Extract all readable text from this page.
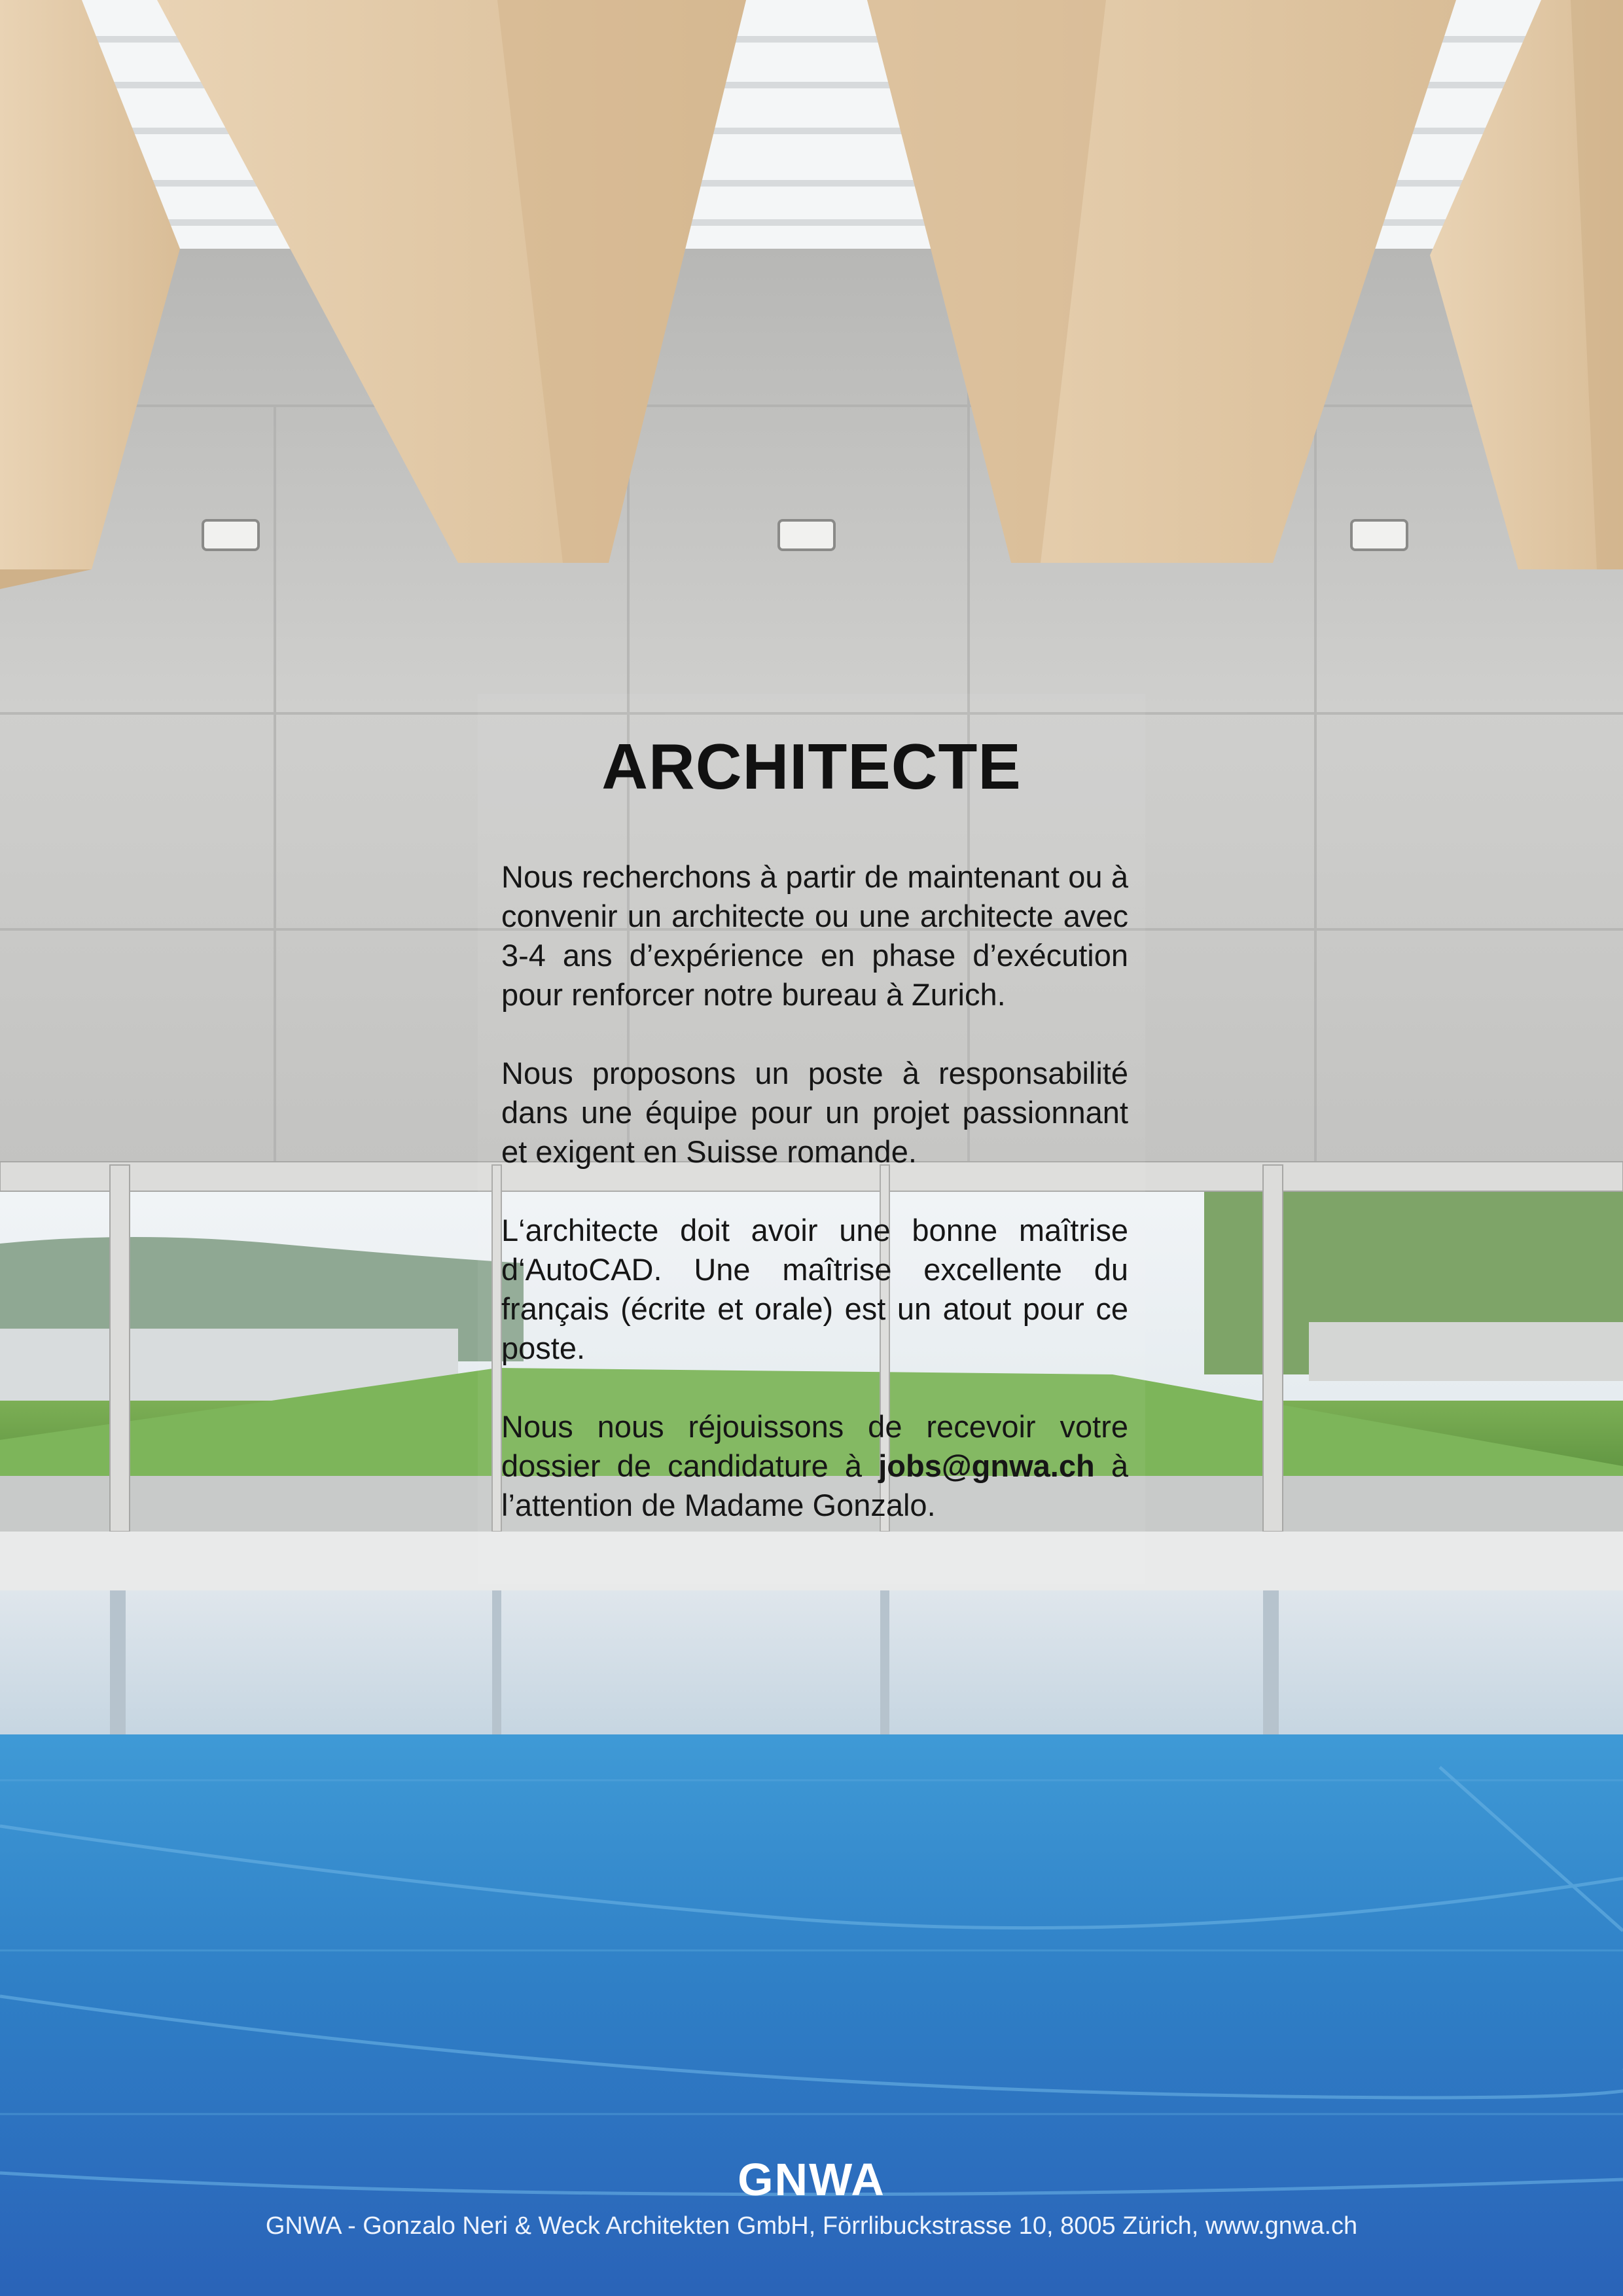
ARCHITECTE

Nous recherchons à partir de maintenant ou à convenir un architecte ou une architecte avec 3-4 ans d’expérience en phase d’exécution pour renforcer notre bureau à Zurich.

Nous proposons un poste à responsabilité dans une équipe pour un projet passionnant et exigent en Suisse romande.

L‘architecte doit avoir une bonne maîtrise d‘AutoCAD. Une maîtrise excellente du français (écrite et orale) est un atout pour ce poste.

Nous nous réjouissons de recevoir votre dossier de candidature à jobs@gnwa.ch à l’attention de Madame Gonzalo.

GNWA
GNWA - Gonzalo Neri & Weck Architekten GmbH, Förrlibuckstrasse 10, 8005 Zürich, www.gnwa.ch
